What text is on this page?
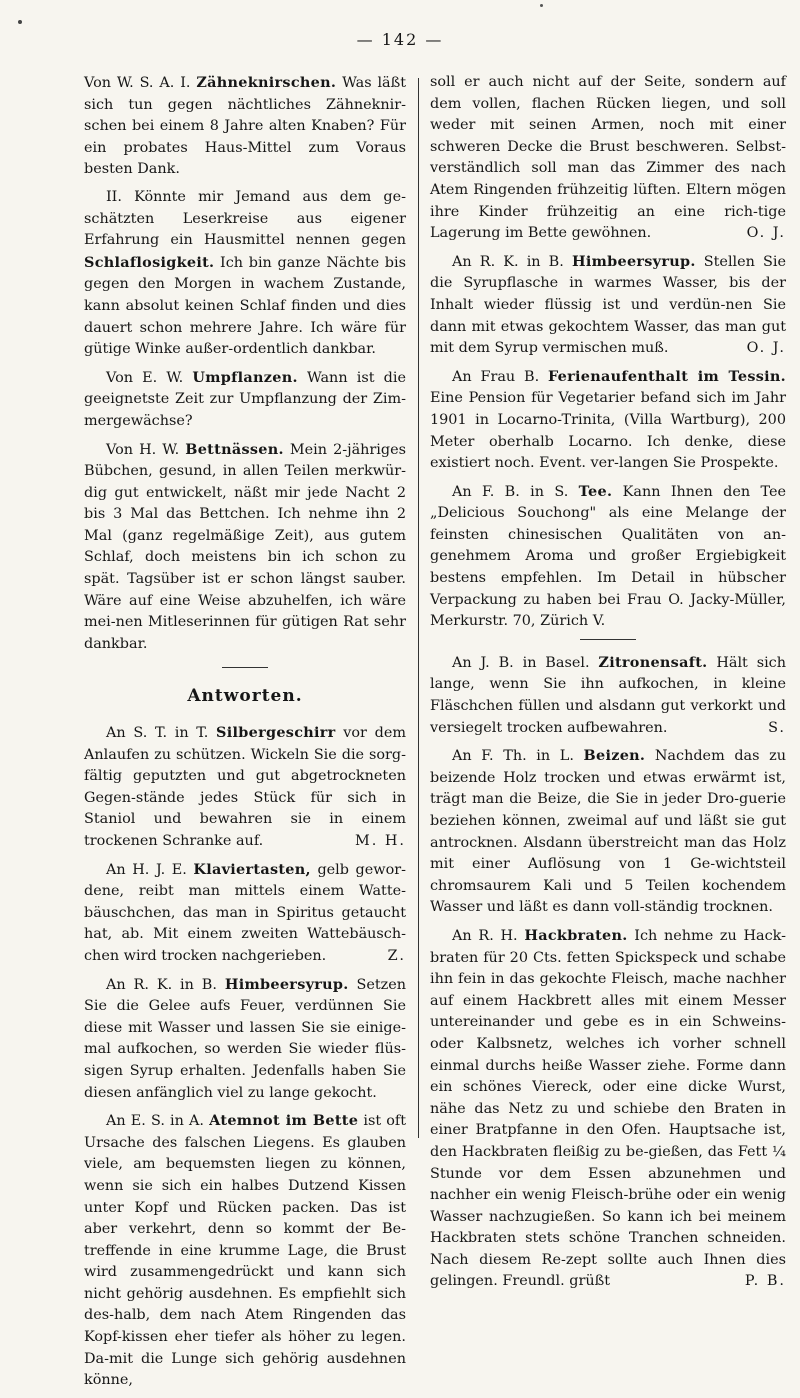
— 142 —

Von W. S. A. I. Zähneknirschen. Was läßt sich tun gegen nächtliches Zähneknir-schen bei einem 8 Jahre alten Knaben? Für ein probates Haus-Mittel zum Voraus besten Dank.

II. Könnte mir Jemand aus dem ge-schätzten Leserkreise aus eigener Erfahrung ein Hausmittel nennen gegen Schlaflosigkeit. Ich bin ganze Nächte bis gegen den Morgen in wachem Zustande, kann absolut keinen Schlaf finden und dies dauert schon mehrere Jahre. Ich wäre für gütige Winke außer-ordentlich dankbar.

Von E. W. Umpflanzen. Wann ist die geeignetste Zeit zur Umpflanzung der Zim-mergewächse?

Von H. W. Bettnässen. Mein 2-jähriges Bübchen, gesund, in allen Teilen merkwür-dig gut entwickelt, näßt mir jede Nacht 2 bis 3 Mal das Bettchen. Ich nehme ihn 2 Mal (ganz regelmäßige Zeit), aus gutem Schlaf, doch meistens bin ich schon zu spät. Tagsüber ist er schon längst sauber. Wäre auf eine Weise abzuhelfen, ich wäre mei-nen Mitleserinnen für gütigen Rat sehr dankbar.

Antworten.

An S. T. in T. Silbergeschirr vor dem Anlaufen zu schützen. Wickeln Sie die sorg-fältig geputzten und gut abgetrockneten Gegen-stände jedes Stück für sich in Staniol und bewahren sie in einem trockenen Schranke auf.	M. H.

An H. J. E. Klaviertasten, gelb gewor-dene, reibt man mittels einem Watte-bäuschchen, das man in Spiritus getaucht hat, ab. Mit einem zweiten Wattebäusch-chen wird trocken nachgerieben.	Z.

An R. K. in B. Himbeersyrup. Setzen Sie die Gelee aufs Feuer, verdünnen Sie diese mit Wasser und lassen Sie sie einige-mal aufkochen, so werden Sie wieder flüs-sigen Syrup erhalten. Jedenfalls haben Sie diesen anfänglich viel zu lange gekocht.

An E. S. in A. Atemnot im Bette ist oft Ursache des falschen Liegens. Es glauben viele, am bequemsten liegen zu können, wenn sie sich ein halbes Dutzend Kissen unter Kopf und Rücken packen. Das ist aber verkehrt, denn so kommt der Be-treffende in eine krumme Lage, die Brust wird zusammengedrückt und kann sich nicht gehörig ausdehnen. Es empfiehlt sich des-halb, dem nach Atem Ringenden das Kopf-kissen eher tiefer als höher zu legen. Da-mit die Lunge sich gehörig ausdehnen könne,

soll er auch nicht auf der Seite, sondern auf dem vollen, flachen Rücken liegen, und soll weder mit seinen Armen, noch mit einer schweren Decke die Brust beschweren. Selbst-verständlich soll man das Zimmer des nach Atem Ringenden frühzeitig lüften. Eltern mögen ihre Kinder frühzeitig an eine rich-tige Lagerung im Bette gewöhnen.	O. J.

An R. K. in B. Himbeersyrup. Stellen Sie die Syrupflasche in warmes Wasser, bis der Inhalt wieder flüssig ist und verdün-nen Sie dann mit etwas gekochtem Wasser, das man gut mit dem Syrup vermischen muß.	O. J.

An Frau B. Ferienaufenthalt im Tessin. Eine Pension für Vegetarier befand sich im Jahr 1901 in Locarno-Trinita, (Villa Wartburg), 200 Meter oberhalb Locarno. Ich denke, diese existiert noch. Event. ver-langen Sie Prospekte.

An F. B. in S. Tee. Kann Ihnen den Tee „Delicious Souchong" als eine Melange der feinsten chinesischen Qualitäten von an-genehmem Aroma und großer Ergiebigkeit bestens empfehlen. Im Detail in hübscher Verpackung zu haben bei Frau O. Jacky-Müller, Merkurstr. 70, Zürich V.

An J. B. in Basel. Zitronensaft. Hält sich lange, wenn Sie ihn aufkochen, in kleine Fläschchen füllen und alsdann gut verkorkt und versiegelt trocken aufbewahren.	S.

An F. Th. in L. Beizen. Nachdem das zu beizende Holz trocken und etwas erwärmt ist, trägt man die Beize, die Sie in jeder Dro-guerie beziehen können, zweimal auf und läßt sie gut antrocknen. Alsdann überstreicht man das Holz mit einer Auflösung von 1 Ge-wichtsteil chromsaurem Kali und 5 Teilen kochendem Wasser und läßt es dann voll-ständig trocknen.

An R. H. Hackbraten. Ich nehme zu Hack-braten für 20 Cts. fetten Spickspeck und schabe ihn fein in das gekochte Fleisch, mache nachher auf einem Hackbrett alles mit einem Messer untereinander und gebe es in ein Schweins- oder Kalbsnetz, welches ich vorher schnell einmal durchs heiße Wasser ziehe. Forme dann ein schönes Viereck, oder eine dicke Wurst, nähe das Netz zu und schiebe den Braten in einer Bratpfanne in den Ofen. Hauptsache ist, den Hackbraten fleißig zu be-gießen, das Fett ¼ Stunde vor dem Essen abzunehmen und nachher ein wenig Fleisch-brühe oder ein wenig Wasser nachzugießen. So kann ich bei meinem Hackbraten stets schöne Tranchen schneiden. Nach diesem Re-zept sollte auch Ihnen dies gelingen. Freundl. grüßt	P. B.
